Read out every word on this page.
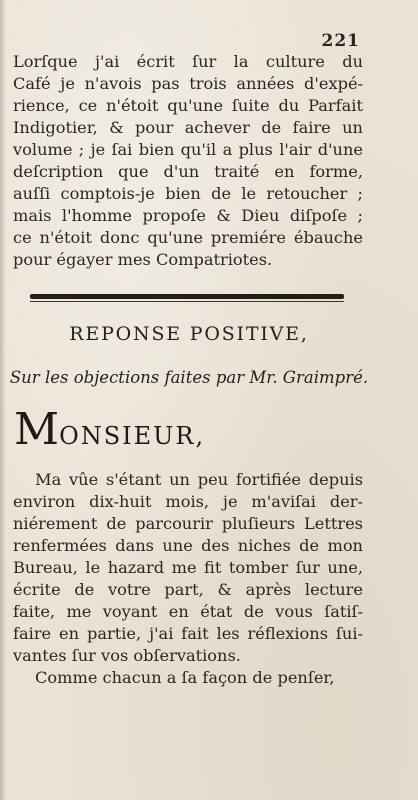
221
Lorſque j'ai écrit ſur la culture du
Café je n'avois pas trois années d'expé-
rience, ce n'étoit qu'une ſuite du Parfait
Indigotier, & pour achever de faire un
volume ; je ſai bien qu'il a plus l'air d'une
deſcription que d'un traité en forme,
auſſi comptois-je bien de le retoucher ;
mais l'homme propoſe & Dieu diſpoſe ;
ce n'étoit donc qu'une premiére ébauche
pour égayer mes Compatriotes.
REPONSE POSITIVE,
Sur les objections faites par Mr. Graimpré.
MONSIEUR,
Ma vûe s'étant un peu fortifiée depuis
environ dix-huit mois, je m'aviſai der-
niérement de parcourir pluſieurs Lettres
renfermées dans une des niches de mon
Bureau, le hazard me fit tomber ſur une,
écrite de votre part, & après lecture
faite, me voyant en état de vous ſatiſ-
faire en partie, j'ai fait les réflexions ſui-
vantes ſur vos obſervations.
Comme chacun a ſa façon de penſer,
